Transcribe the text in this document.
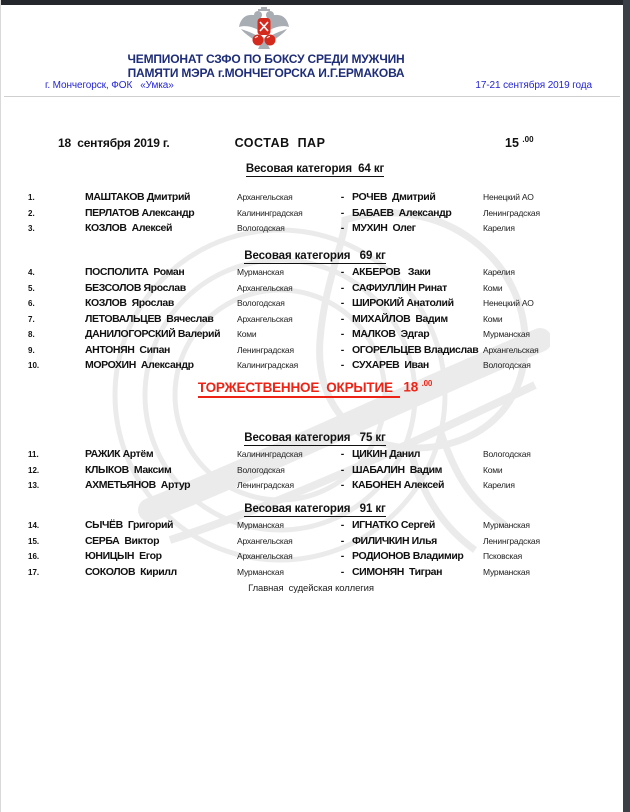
ЧЕМПИОНАТ СЗФО ПО БОКСУ СРЕДИ МУЖЧИН
ПАМЯТИ МЭРА г.МОНЧЕГОРСКА И.Г.ЕРМАКОВА
г. Мончегорск, ФОК   «Умка»	17-21 сентября 2019 года
18  сентября 2019 г.	СОСТАВ  ПАР	15 $^{.00}$
Весовая категория  64 кг
1.	МАШТАКОВ Дмитрий	Архангельская	- РОЧЕВ  Дмитрий	Ненецкий АО
2.	ПЕРЛАТОВ Александр	Калининградская	- БАБАЕВ  Александр	Ленинградская
3.	КОЗЛОВ  Алексей	Вологодская	- МУХИН  Олег	Карелия
Весовая категория   69 кг
4.	ПОСПОЛИТА  Роман	Мурманская	- АКБЕРОВ   Заки	Карелия
5.	БЕЗСОЛОВ Ярослав	Архангельская	- САФИУЛЛИН Ринат	Коми
6.	КОЗЛОВ  Ярослав	Вологодская	- ШИРОКИЙ Анатолий	Ненецкий АО
7.	ЛЕТОВАЛЬЦЕВ  Вячеслав	Архангельская	- МИХАЙЛОВ  Вадим	Коми
8.	ДАНИЛОГОРСКИЙ Валерий	Коми	- МАЛКОВ  Эдгар	Мурманская
9.	АНТОНЯН  Сипан	Ленинградская	- ОГОРЕЛЬЦЕВ Владислав Архангельская
10.	МОРОХИН  Александр	Калиниградская	- СУХАРЕВ  Иван	Вологодская
ТОРЖЕСТВЕННОЕ  ОКРЫТИЕ   18 $^{.00}$
Весовая категория   75 кг
11.	РАЖИК Артём	Калининградская	- ЦИКИН Данил	Вологодская
12.	КЛЫКОВ  Максим	Вологодская	- ШАБАЛИН  Вадим	Коми
13.	АХМЕТЬЯНОВ  Артур	Ленинградская	- КАБОНЕН Алексей	Карелия
Весовая категория   91 кг
14.	СЫЧЁВ  Григорий	Мурманская	- ИГНАТКО Сергей	Мурманская
15.	СЕРБА  Виктор	Архангельская	- ФИЛИЧКИН Илья	Ленинградская
16.	ЮНИЦЫН  Егор	Архангельская	- РОДИОНОВ Владимир	Псковская
17.	СОКОЛОВ  Кирилл	Мурманская	- СИМОНЯН  Тигран	Мурманская
Главная  судейская коллегия
